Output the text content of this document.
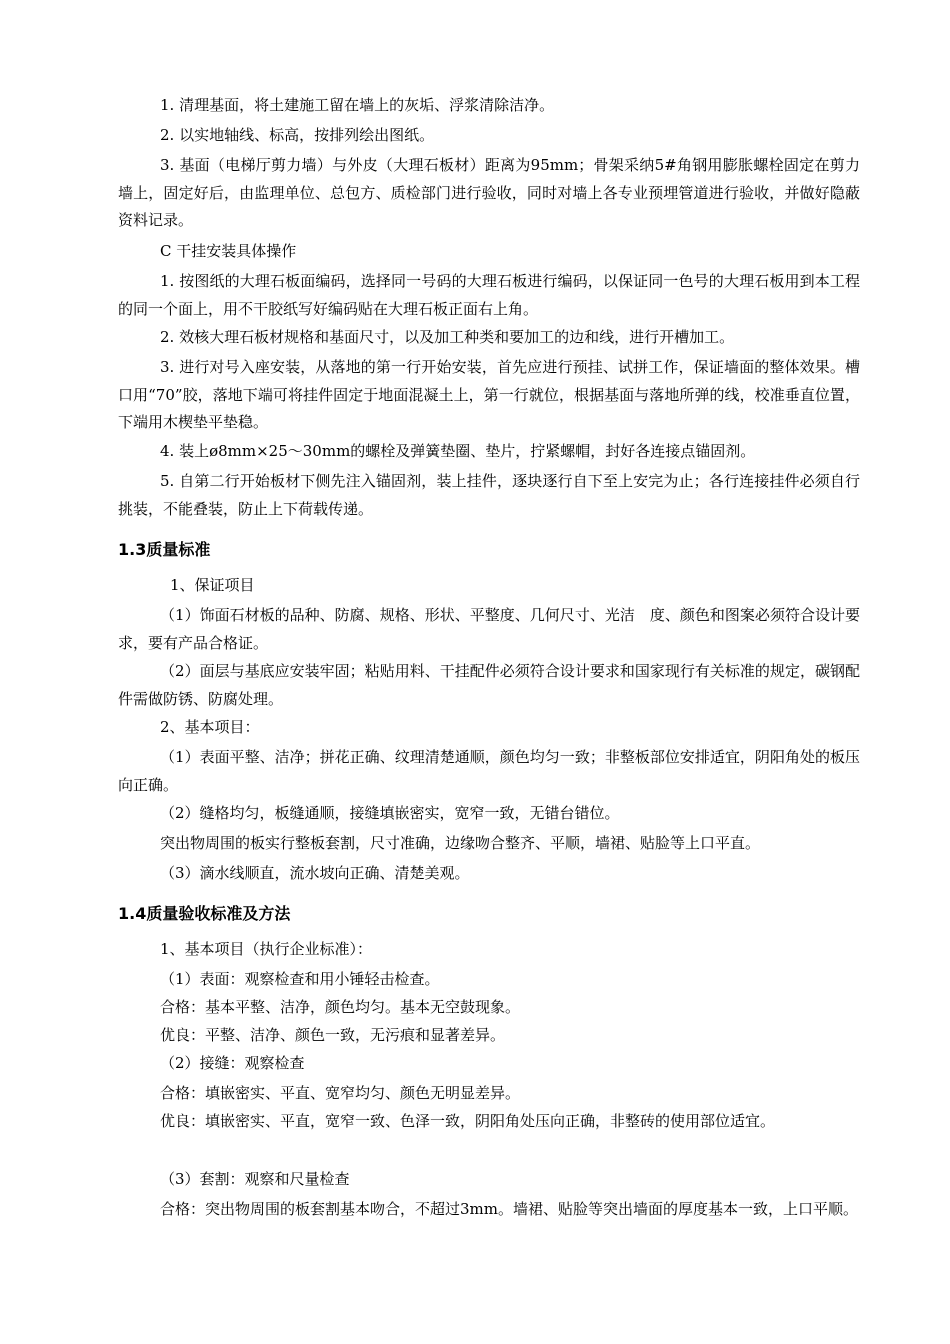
1. 清理基面，将土建施工留在墙上的灰垢、浮浆清除洁净。

2. 以实地轴线、标高，按排列绘出图纸。

3. 基面（电梯厅剪力墙）与外皮（大理石板材）距离为95mm；骨架采纳5#角钢用膨胀螺栓固定在剪力墙上，固定好后，由监理单位、总包方、质检部门进行验收，同时对墙上各专业预埋管道进行验收，并做好隐蔽资料记录。

C 干挂安装具体操作

1. 按图纸的大理石板面编码，选择同一号码的大理石板进行编码，以保证同一色号的大理石板用到本工程的同一个面上，用不干胶纸写好编码贴在大理石板正面右上角。

2. 效核大理石板材规格和基面尺寸，以及加工种类和要加工的边和线，进行开槽加工。

3. 进行对号入座安装，从落地的第一行开始安装，首先应进行预挂、试拼工作，保证墙面的整体效果。槽口用“70”胶，落地下端可将挂件固定于地面混凝土上，第一行就位，根据基面与落地所弹的线，校准垂直位置，下端用木楔垫平垫稳。

4. 装上ø8mm×25～30mm的螺栓及弹簧垫圈、垫片，拧紧螺帽，封好各连接点锚固剂。

5. 自第二行开始板材下侧先注入锚固剂，装上挂件，逐块逐行自下至上安完为止；各行连接挂件必须自行挑装，不能叠装，防止上下荷载传递。

1.3质量标准

1、保证项目

（1）饰面石材板的品种、防腐、规格、形状、平整度、几何尺寸、光洁　度、颜色和图案必须符合设计要求，要有产品合格证。

（2）面层与基底应安装牢固；粘贴用料、干挂配件必须符合设计要求和国家现行有关标准的规定，碳钢配件需做防锈、防腐处理。

2、基本项目：

（1）表面平整、洁净；拼花正确、纹理清楚通顺，颜色均匀一致；非整板部位安排适宜，阴阳角处的板压向正确。

（2）缝格均匀，板缝通顺，接缝填嵌密实，宽窄一致，无错台错位。

突出物周围的板实行整板套割，尺寸准确，边缘吻合整齐、平顺，墙裙、贴脸等上口平直。

（3）滴水线顺直，流水坡向正确、清楚美观。

1.4质量验收标准及方法

1、基本项目（执行企业标准）：

（1）表面：观察检查和用小锤轻击检查。

合格：基本平整、洁净，颜色均匀。基本无空鼓现象。

优良：平整、洁净、颜色一致，无污痕和显著差异。

（2）接缝：观察检查

合格：填嵌密实、平直、宽窄均匀、颜色无明显差异。

优良：填嵌密实、平直，宽窄一致、色泽一致，阴阳角处压向正确，非整砖的使用部位适宜。

（3）套割：观察和尺量检查

合格：突出物周围的板套割基本吻合，不超过3mm。墙裙、贴脸等突出墙面的厚度基本一致，上口平顺。
